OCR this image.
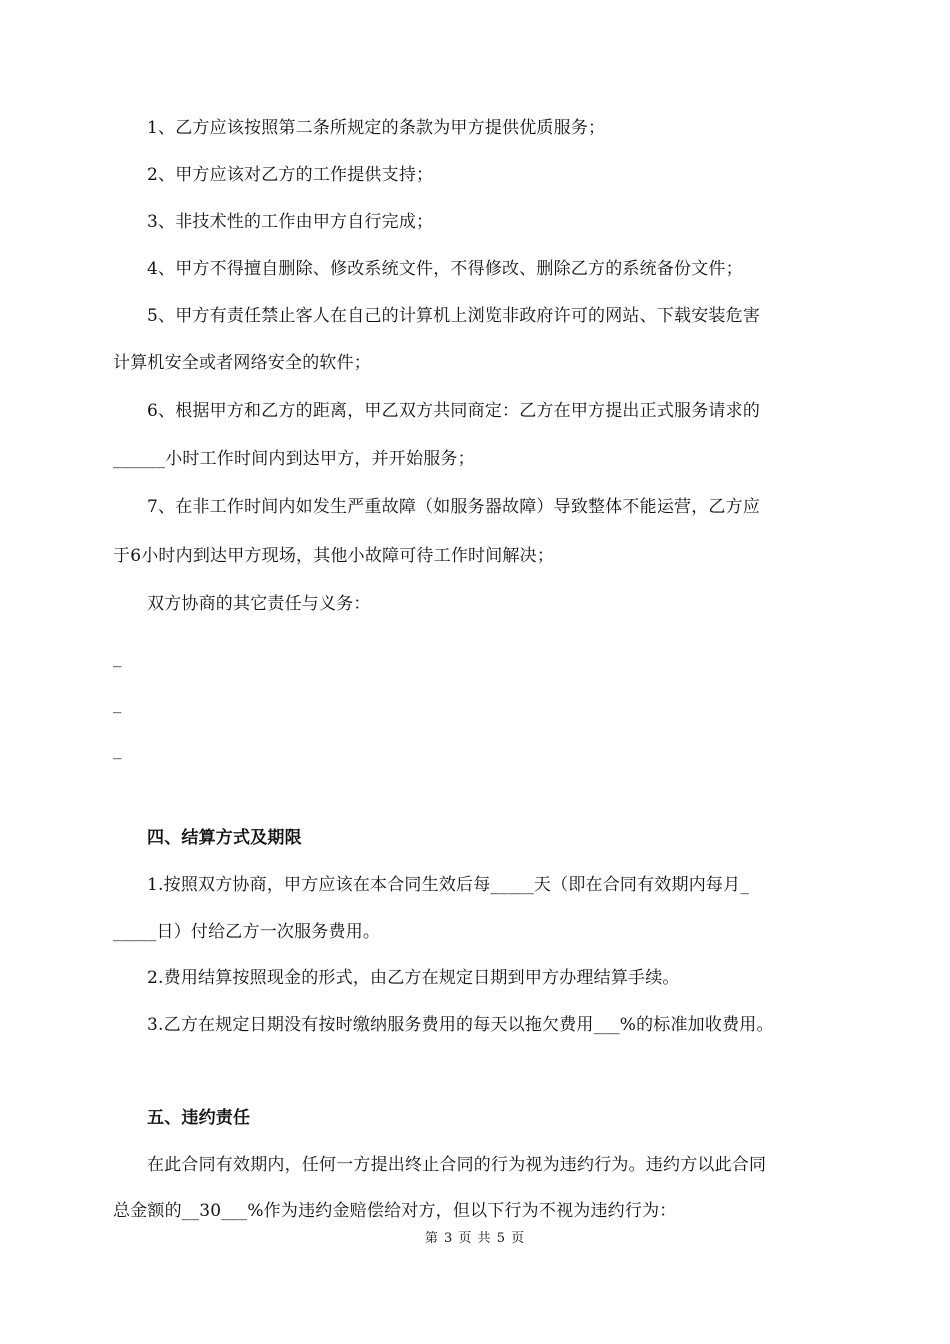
1、乙方应该按照第二条所规定的条款为甲方提供优质服务；
2、甲方应该对乙方的工作提供支持；
3、非技术性的工作由甲方自行完成；
4、甲方不得擅自删除、修改系统文件，不得修改、删除乙方的系统备份文件；
5、甲方有责任禁止客人在自己的计算机上浏览非政府许可的网站、下载安装危害
计算机安全或者网络安全的软件；
6、根据甲方和乙方的距离，甲乙双方共同商定：乙方在甲方提出正式服务请求的
______小时工作时间内到达甲方，并开始服务；
7、在非工作时间内如发生严重故障（如服务器故障）导致整体不能运营，乙方应
于6小时内到达甲方现场，其他小故障可待工作时间解决；
双方协商的其它责任与义务：
_
_
_
四、结算方式及期限
1.按照双方协商，甲方应该在本合同生效后每_____天（即在合同有效期内每月_
_____日）付给乙方一次服务费用。
2.费用结算按照现金的形式，由乙方在规定日期到甲方办理结算手续。
3.乙方在规定日期没有按时缴纳服务费用的每天以拖欠费用___%的标准加收费用。
五、违约责任
在此合同有效期内，任何一方提出终止合同的行为视为违约行为。违约方以此合同
总金额的__30___%作为违约金赔偿给对方，但以下行为不视为违约行为：
第 3 页 共 5 页
